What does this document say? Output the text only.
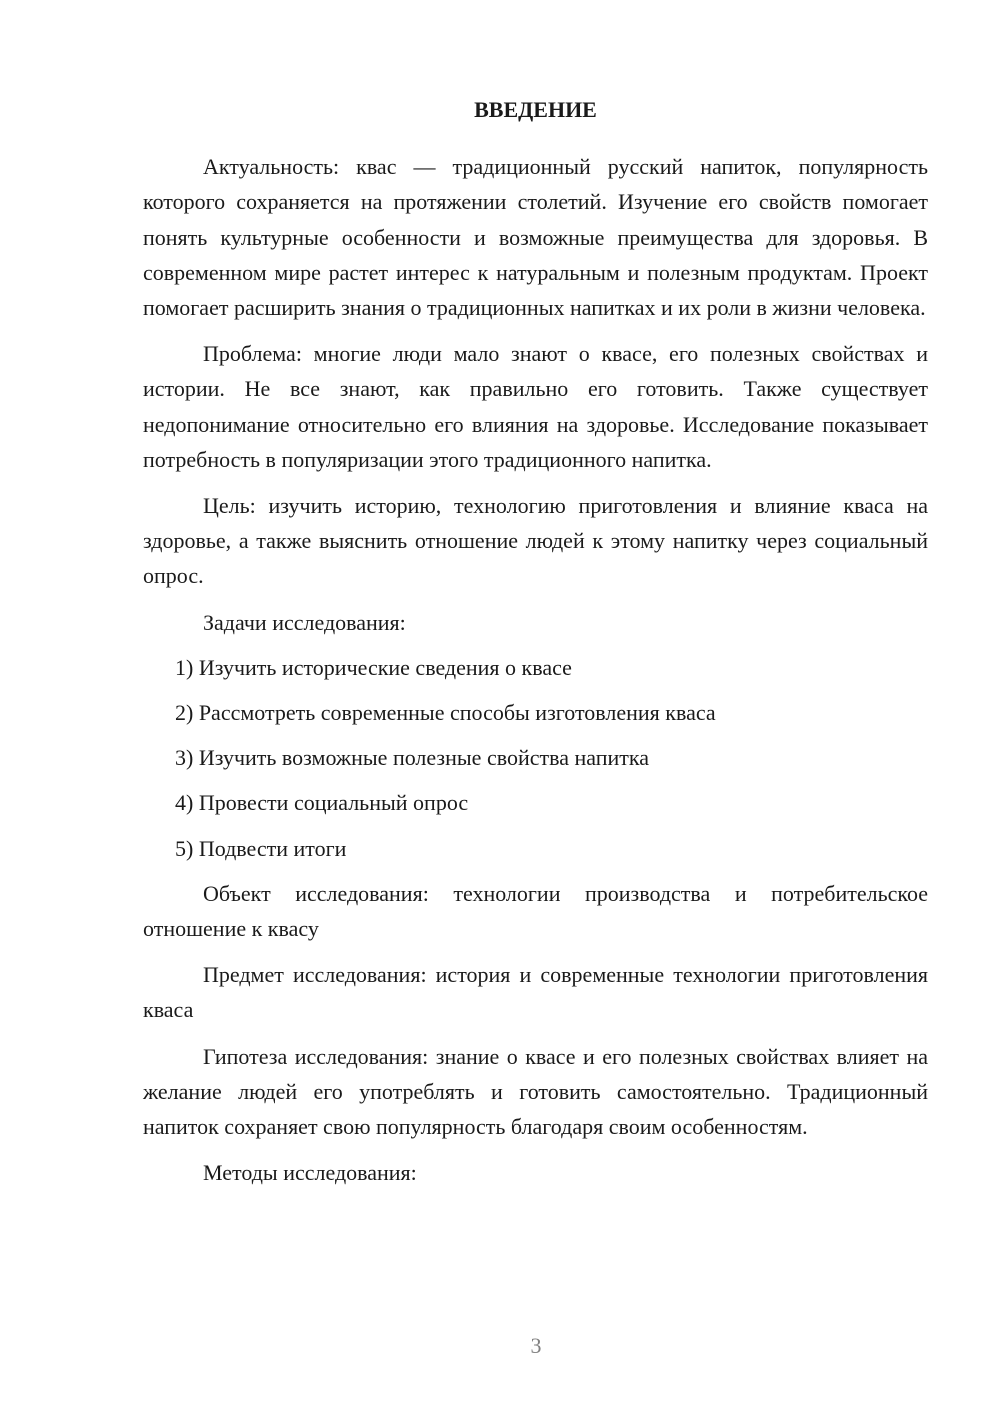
ВВЕДЕНИЕ

Актуальность: квас — традиционный русский напиток, популярность которого сохраняется на протяжении столетий. Изучение его свойств помогает понять культурные особенности и возможные преимущества для здоровья. В современном мире растет интерес к натуральным и полезным продуктам. Проект помогает расширить знания о традиционных напитках и их роли в жизни человека.

Проблема: многие люди мало знают о квасе, его полезных свойствах и истории. Не все знают, как правильно его готовить. Также существует недопонимание относительно его влияния на здоровье. Исследование показывает потребность в популяризации этого традиционного напитка.

Цель: изучить историю, технологию приготовления и влияние кваса на здоровье, а также выяснить отношение людей к этому напитку через социальный опрос.

Задачи исследования:

1) Изучить исторические сведения о квасе

2) Рассмотреть современные способы изготовления кваса

3) Изучить возможные полезные свойства напитка

4) Провести социальный опрос

5) Подвести итоги

Объект исследования: технологии производства и потребительское отношение к квасу

Предмет исследования: история и современные технологии приготовления кваса

Гипотеза исследования: знание о квасе и его полезных свойствах влияет на желание людей его употреблять и готовить самостоятельно. Традиционный напиток сохраняет свою популярность благодаря своим особенностям.

Методы исследования:

3
